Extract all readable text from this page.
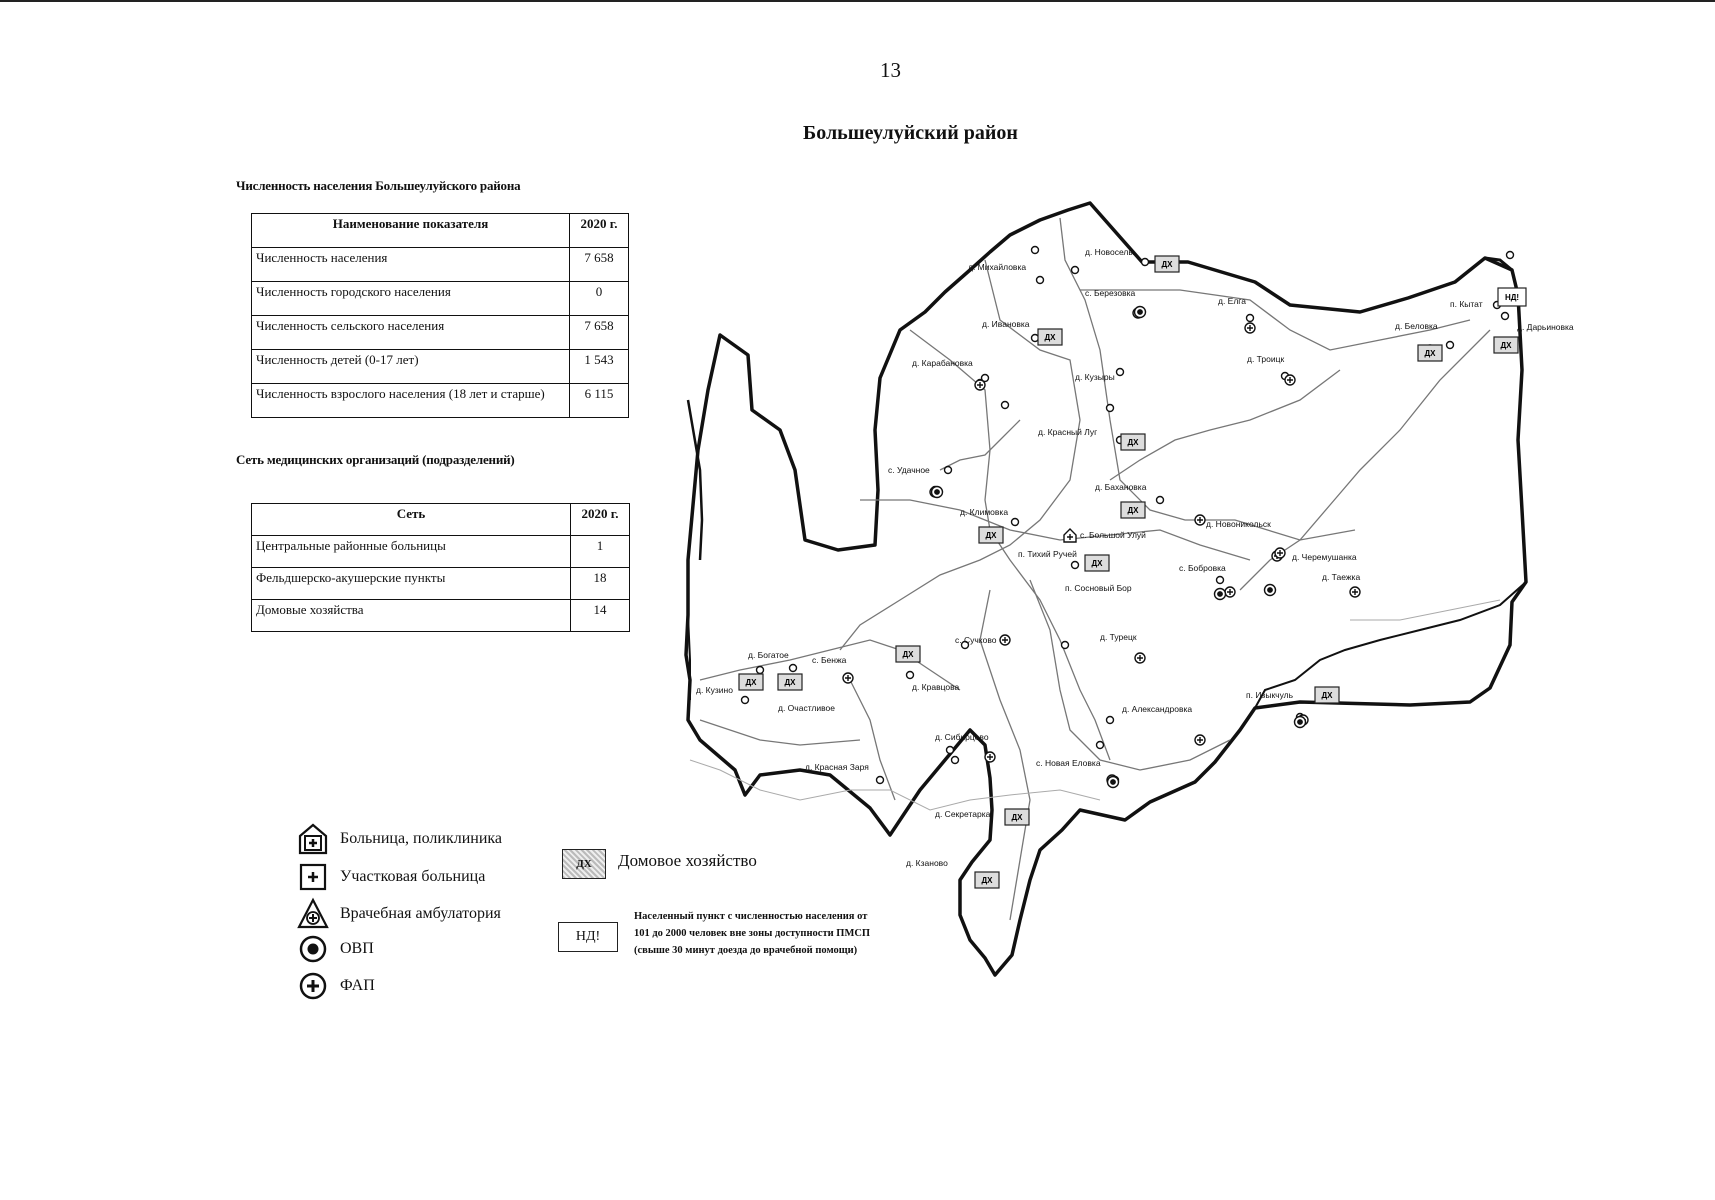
13
Большеулуйский район
Численность населения Большеулуйского района
Наименование показателя	2020 г.
Численность населения	7 658
Численность городского населения	0
Численность сельского населения	7 658
Численность детей (0-17 лет)	1 543
Численность взрослого населения (18 лет и старше)	6 115
Сеть медицинских организаций (подразделений)
Сеть	2020 г.
Центральные районные больницы	1
Фельдшерско-акушерские пункты	18
Домовые хозяйства	14
ДХ
ДХ
ДХ
ДХ
ДХ
ДХ
ДХ
ДХ
ДХ
ДХ	ДХ
ДХ
ДХ
ДХ
НД!
д. Новоселы
д. Михайловка
с. Березовка
д. Елга	п. Кытат
д. Беловка	д. Дарьиновка
д. Ивановка
д. Троицк
д. Карабановка
д. Кузыры
д. Красный Луг
с. Удачное
д. Бахановка
д. Климовка
с. Большой Улуй
д. Новоникольск
д. Черемушанка
п. Тихий Ручей
с. Бобровка
д. Таежка
п. Сосновый Бор
с. Сучково	д. Турецк
д. Богатое	с. Бенжа
д. Кузино	д. Кравцова
д. Очастливое
п. Изыкчуль
д. Александровка
д. Сибирцево
д. Красная Заря	с. Новая Еловка
д. Секретарка
д. Кзаново
Больница, поликлиника
Участковая больница
Врачебная амбулатория
ОВП
ФАП
ДХ	Домовое хозяйство
НД!
Населенный пункт с численностью населения от 101 до 2000 человек вне зоны доступности ПМСП (свыше 30 минут доезда до врачебной помощи)
